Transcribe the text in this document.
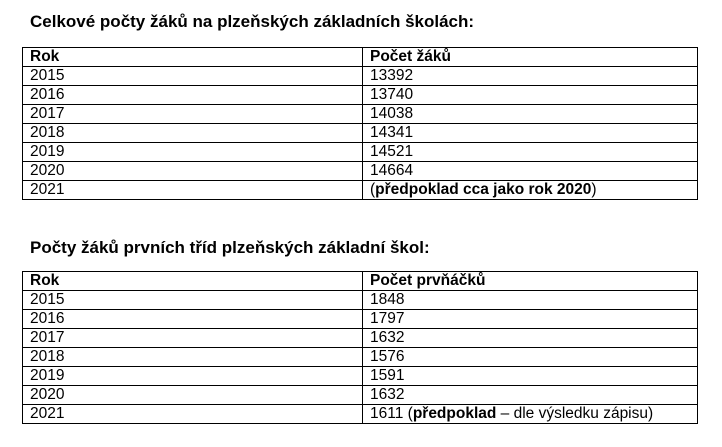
Celkové počty žáků na plzeňských základních školách:
Rok	Počet žáků
2015	13392
2016	13740
2017	14038
2018	14341
2019	14521
2020	14664
2021	(předpoklad cca jako rok 2020)
Počty žáků prvních tříd plzeňských základní škol:
Rok	Počet prvňáčků
2015	1848
2016	1797
2017	1632
2018	1576
2019	1591
2020	1632
2021	1611 (předpoklad – dle výsledku zápisu)
